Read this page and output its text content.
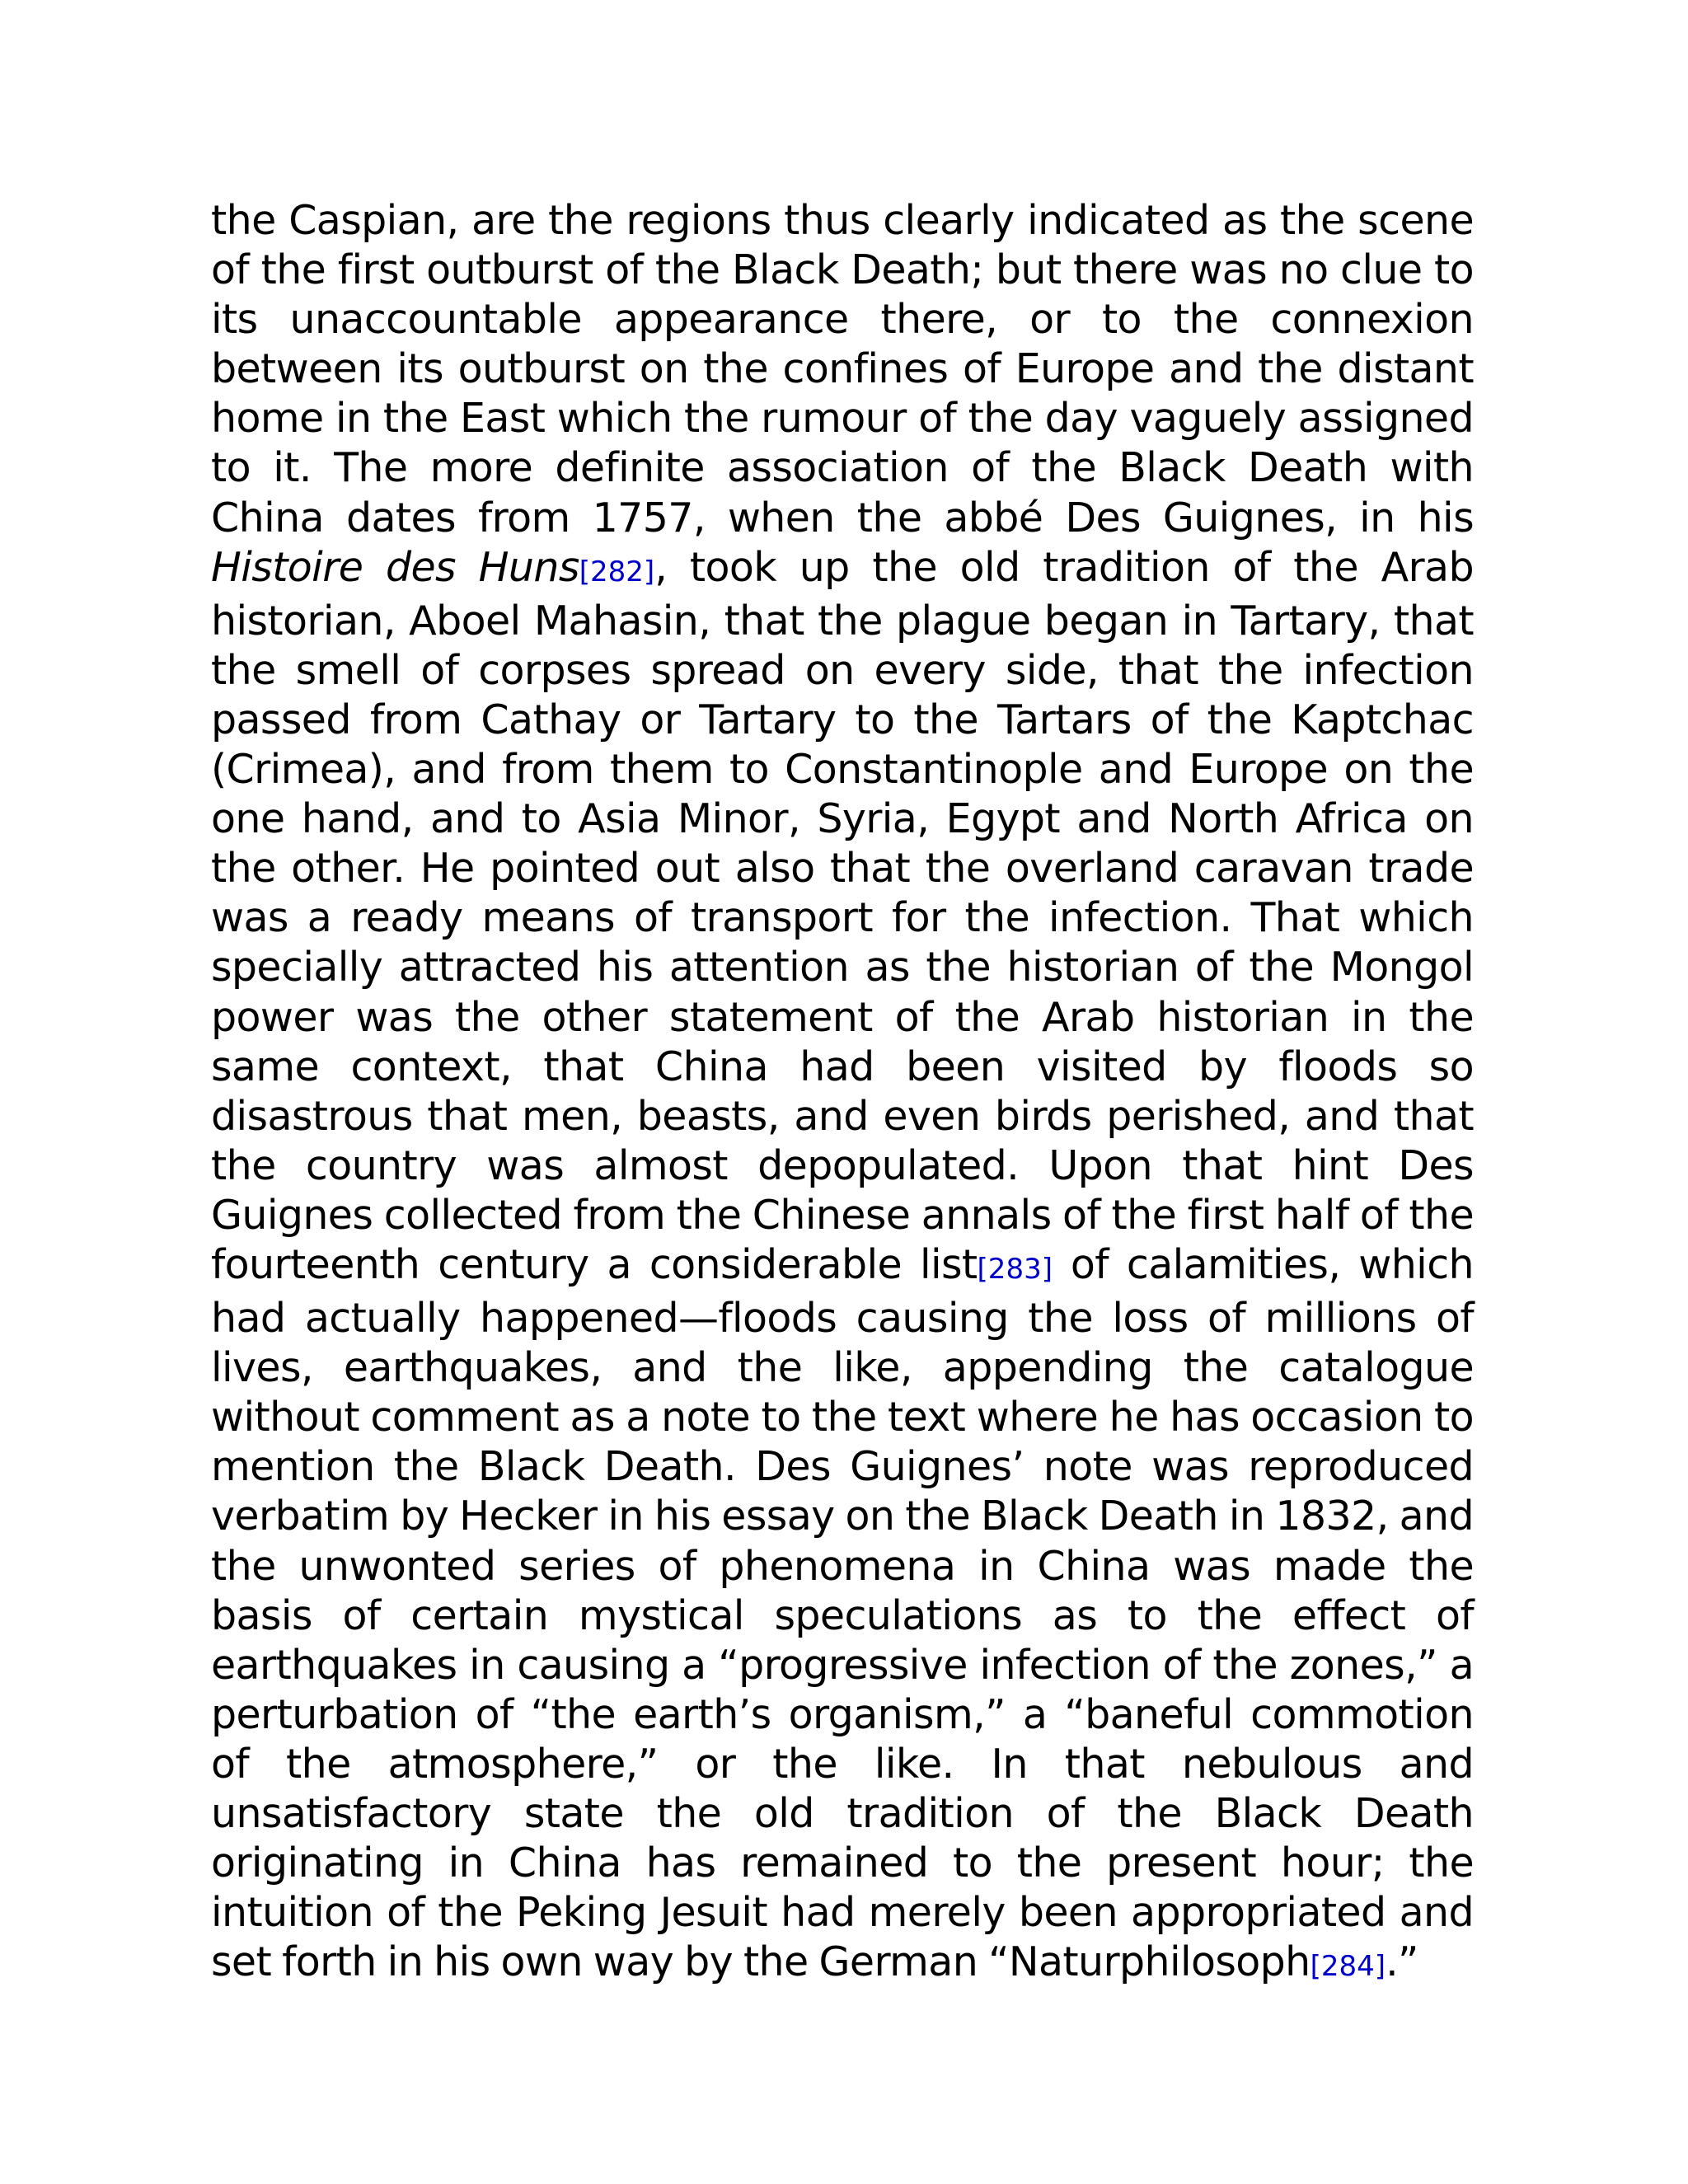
the Caspian, are the regions thus clearly indicated as the scene of the first outburst of the Black Death; but there was no clue to its unaccountable appearance there, or to the connexion between its outburst on the confines of Europe and the distant home in the East which the rumour of the day vaguely assigned to it. The more definite association of the Black Death with China dates from 1757, when the abbé Des Guignes, in his Histoire des Huns[282], took up the old tradition of the Arab historian, Aboel Mahasin, that the plague began in Tartary, that the smell of corpses spread on every side, that the infection passed from Cathay or Tartary to the Tartars of the Kaptchac (Crimea), and from them to Constantinople and Europe on the one hand, and to Asia Minor, Syria, Egypt and North Africa on the other. He pointed out also that the overland caravan trade was a ready means of transport for the infection. That which specially attracted his attention as the historian of the Mongol power was the other statement of the Arab historian in the same context, that China had been visited by floods so disastrous that men, beasts, and even birds perished, and that the country was almost depopulated. Upon that hint Des Guignes collected from the Chinese annals of the first half of the fourteenth century a considerable list[283] of calamities, which had actually happened—floods causing the loss of millions of lives, earthquakes, and the like, appending the catalogue without comment as a note to the text where he has occasion to mention the Black Death. Des Guignes’ note was reproduced verbatim by Hecker in his essay on the Black Death in 1832, and the unwonted series of phenomena in China was made the basis of certain mystical speculations as to the effect of earthquakes in causing a “progressive infection of the zones,” a perturbation of “the earth’s organism,” a “baneful commotion of the atmosphere,” or the like. In that nebulous and unsatisfactory state the old tradition of the Black Death originating in China has remained to the present hour; the intuition of the Peking Jesuit had merely been appropriated and set forth in his own way by the German “Naturphilosoph[284].”
